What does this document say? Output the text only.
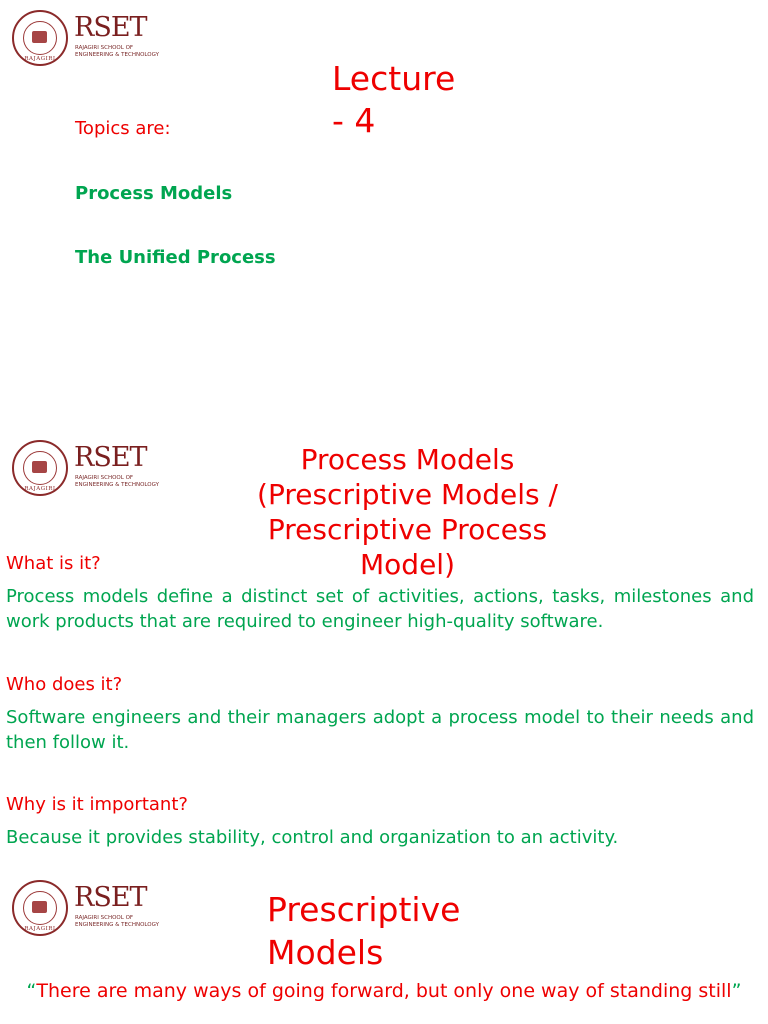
RAJAGIRI
RSET
RAJAGIRI SCHOOL OF
ENGINEERING & TECHNOLOGY
Lecture
- 4
Topics are:
Process Models
The Unified Process
RAJAGIRI
RSET
RAJAGIRI SCHOOL OF
ENGINEERING & TECHNOLOGY
Process Models
(Prescriptive Models /
Prescriptive Process
Model)
What is it?
Process models define a distinct set of activities, actions, tasks, milestones and work products that are required to engineer high-quality software.
Who does it?
Software engineers and their managers adopt a process model to their needs and then follow it.
Why is it important?
Because it provides stability, control and organization to an activity.
RAJAGIRI
RSET
RAJAGIRI SCHOOL OF
ENGINEERING & TECHNOLOGY	Prescriptive
Models
“There are many ways of going forward, but only one way of standing still”
